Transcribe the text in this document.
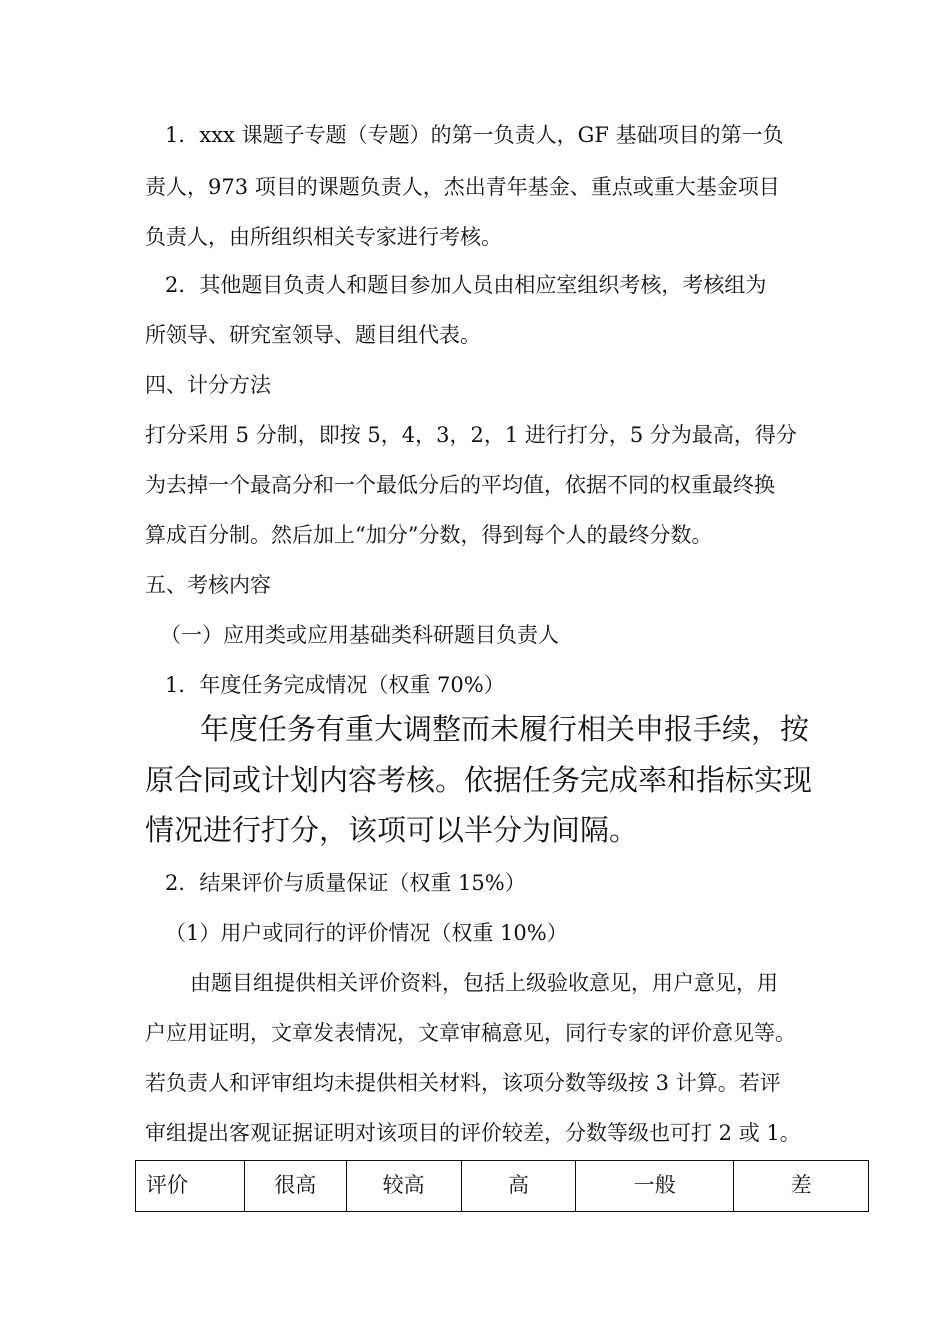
1．xxx 课题子专题（专题）的第一负责人，GF 基础项目的第一负
责人，973 项目的课题负责人，杰出青年基金、重点或重大基金项目
负责人，由所组织相关专家进行考核。
2．其他题目负责人和题目参加人员由相应室组织考核，考核组为
所领导、研究室领导、题目组代表。
四、计分方法
打分采用 5 分制，即按 5，4，3，2，1 进行打分，5 分为最高，得分
为去掉一个最高分和一个最低分后的平均值，依据不同的权重最终换
算成百分制。然后加上“加分”分数，得到每个人的最终分数。
五、考核内容
（一）应用类或应用基础类科研题目负责人
1．年度任务完成情况（权重 70%）
年度任务有重大调整而未履行相关申报手续，按
原合同或计划内容考核。依据任务完成率和指标实现
情况进行打分，该项可以半分为间隔。
2．结果评价与质量保证（权重 15%）
（1）用户或同行的评价情况（权重 10%）
由题目组提供相关评价资料，包括上级验收意见，用户意见，用
户应用证明，文章发表情况，文章审稿意见，同行专家的评价意见等。
若负责人和评审组均未提供相关材料，该项分数等级按 3 计算。若评
审组提出客观证据证明对该项目的评价较差，分数等级也可打 2 或 1。
评价	很高	较高	高	一般	差
